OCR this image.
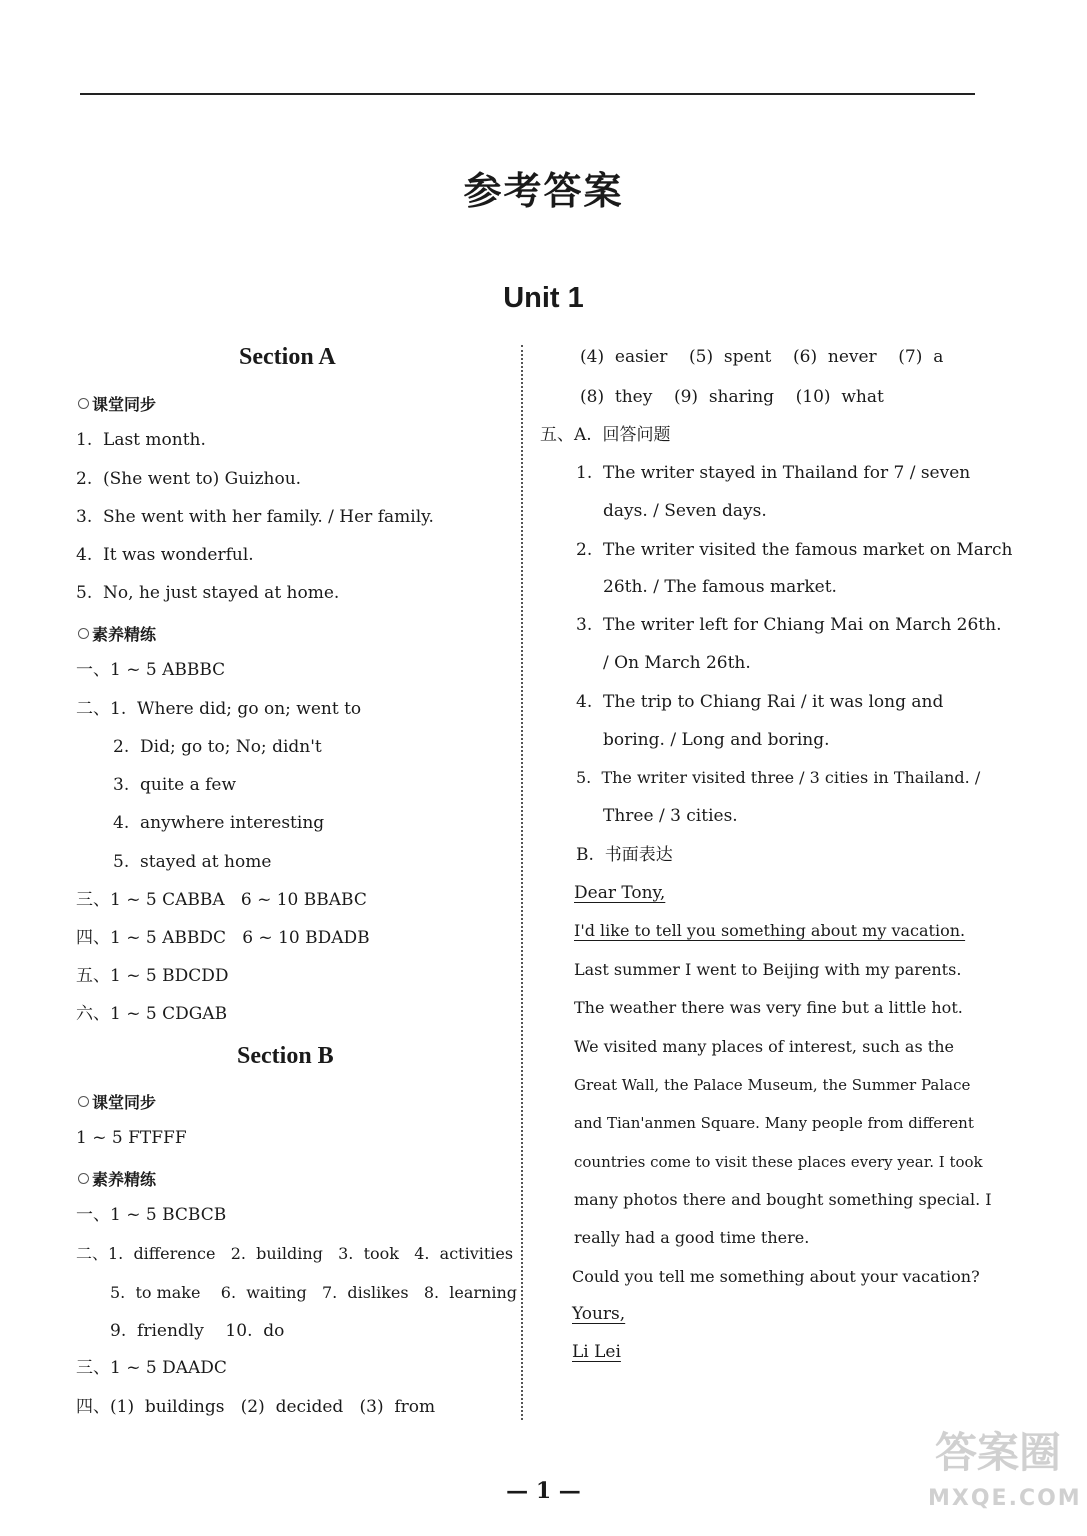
参考答案
Unit 1
Section A
课堂同步
1.  Last month.
2.  (She went to) Guizhou.
3.  She went with her family. / Her family.
4.  It was wonderful.
5.  No, he just stayed at home.
素养精练
一、1 ~ 5 ABBBC
二、1.  Where did; go on; went to
2.  Did; go to; No; didn't
3.  quite a few
4.  anywhere interesting
5.  stayed at home
三、1 ~ 5 CABBA   6 ~ 10 BBABC
四、1 ~ 5 ABBDC   6 ~ 10 BDADB
五、1 ~ 5 BDCDD
六、1 ~ 5 CDGAB
Section B
课堂同步
1 ~ 5 FTFFF
素养精练
一、1 ~ 5 BCBCB
二、1.  difference   2.  building   3.  took   4.  activities
5.  to make    6.  waiting   7.  dislikes   8.  learning
9.  friendly    10.  do
三、1 ~ 5 DAADC
四、(1)  buildings   (2)  decided   (3)  from
(4)  easier    (5)  spent    (6)  never    (7)  a
(8)  they    (9)  sharing    (10)  what
五、A.  回答问题
1.  The writer stayed in Thailand for 7 / seven
days. / Seven days.
2.  The writer visited the famous market on March
26th. / The famous market.
3.  The writer left for Chiang Mai on March 26th.
/ On March 26th.
4.  The trip to Chiang Rai / it was long and
boring. / Long and boring.
5.  The writer visited three / 3 cities in Thailand. /
Three / 3 cities.
B.  书面表达
Dear Tony,
I'd like to tell you something about my vacation.
Last summer I went to Beijing with my parents.
The weather there was very fine but a little hot.
We visited many places of interest, such as the
Great Wall, the Palace Museum, the Summer Palace
and Tian'anmen Square. Many people from different
countries come to visit these places every year. I took
many photos there and bought something special. I
really had a good time there.
Could you tell me something about your vacation?
Yours,
Li Lei
— 1 —
答案圈
MXQE.COM
